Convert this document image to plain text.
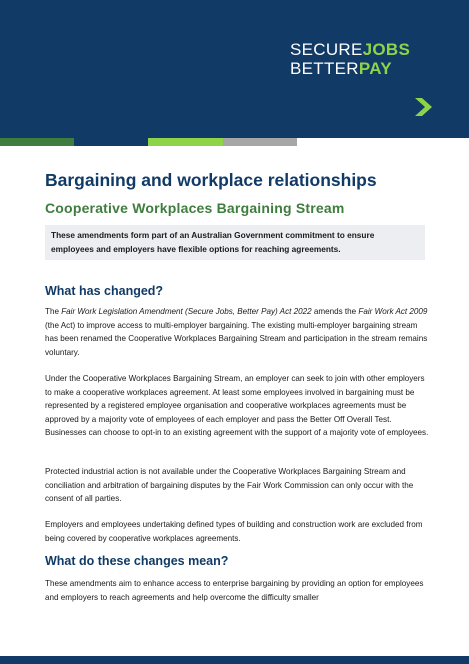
SECUREJOBS
BETTERPAY
Bargaining and workplace relationships
Cooperative Workplaces Bargaining Stream
These amendments form part of an Australian Government commitment to ensure employees and employers have flexible options for reaching agreements.
What has changed?
The Fair Work Legislation Amendment (Secure Jobs, Better Pay) Act 2022 amends the Fair Work Act 2009 (the Act) to improve access to multi-employer bargaining. The existing multi-employer bargaining stream has been renamed the Cooperative Workplaces Bargaining Stream and participation in the stream remains voluntary.
Under the Cooperative Workplaces Bargaining Stream, an employer can seek to join with other employers to make a cooperative workplaces agreement. At least some employees involved in bargaining must be represented by a registered employee organisation and cooperative workplaces agreements must be approved by a majority vote of employees of each employer and pass the Better Off Overall Test. Businesses can choose to opt-in to an existing agreement with the support of a majority vote of employees.
Protected industrial action is not available under the Cooperative Workplaces Bargaining Stream and conciliation and arbitration of bargaining disputes by the Fair Work Commission can only occur with the consent of all parties.
Employers and employees undertaking defined types of building and construction work are excluded from being covered by cooperative workplaces agreements.
What do these changes mean?
These amendments aim to enhance access to enterprise bargaining by providing an option for employees and employers to reach agreements and help overcome the difficulty smaller
